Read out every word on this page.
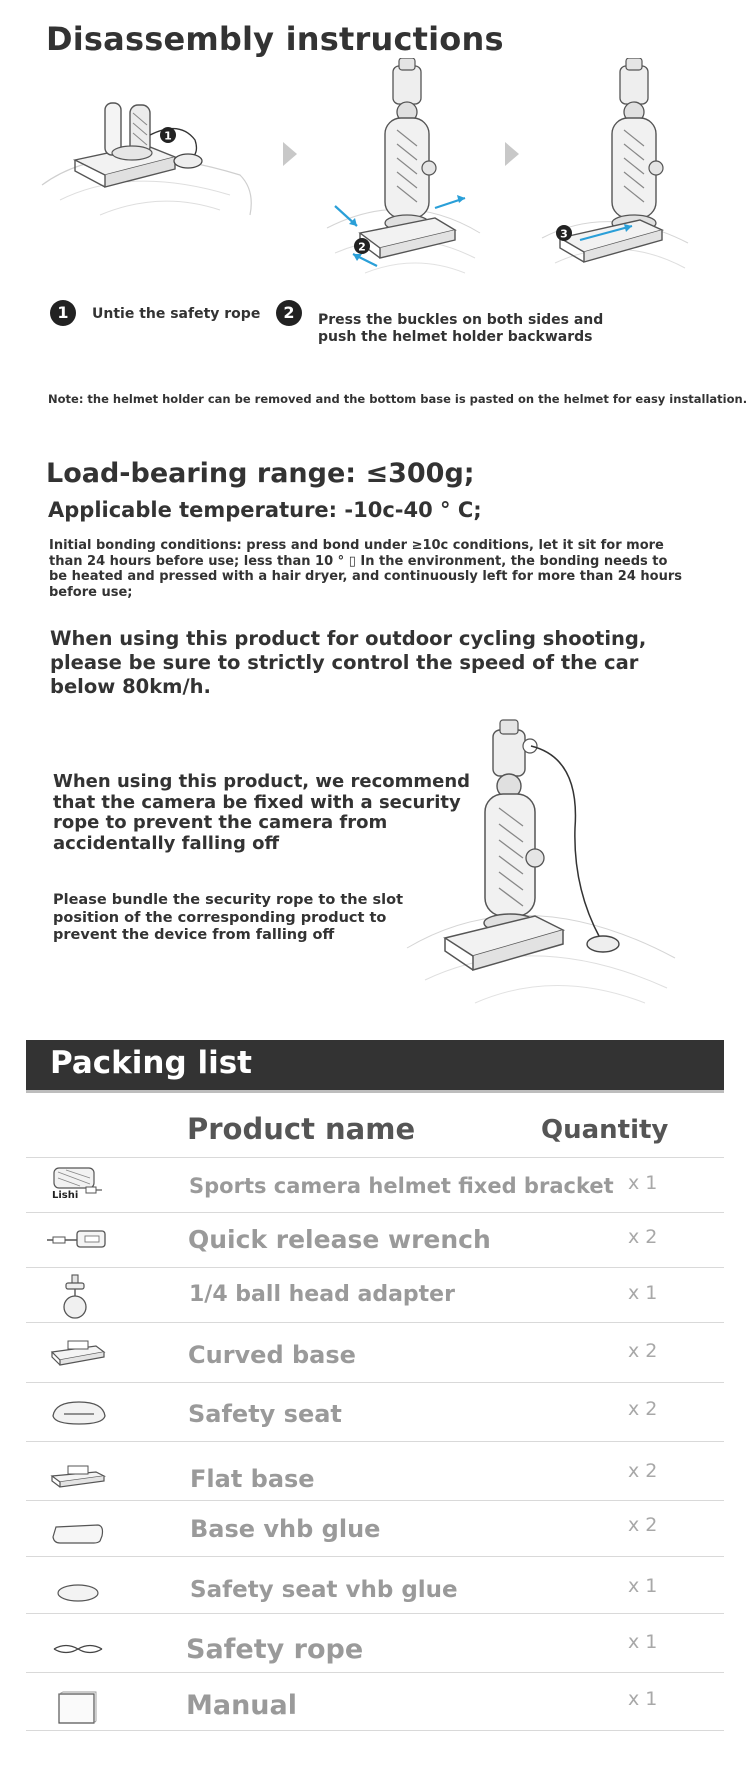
Disassembly instructions
1
2
3
1	Untie the safety rope	2	Press the buckles on both sides and
push the helmet holder backwards
Note: the helmet holder can be removed and the bottom base is pasted on the helmet for easy installation.
Load-bearing range: ≤300g;
Applicable temperature: -10c-40 ° C;
Initial bonding conditions: press and bond under ≥10c conditions, let it sit for more than 24 hours before use; less than 10 ° ▯ In the environment, the bonding needs to be heated and pressed with a hair dryer, and continuously left for more than 24 hours before use;
When using this product for outdoor cycling shooting, please be sure to strictly control the speed of the car below 80km/h.
When using this product, we recommend that the camera be fixed with a security rope to prevent the camera from accidentally falling off
Please bundle the security rope to the slot position of the corresponding product to prevent the device from falling off
Packing list
Product name	Quantity
Lishi	Sports camera helmet fixed bracket x 1
Quick release wrench	x 2
1/4 ball head adapter	x 1
Curved base	x 2
Safety seat	x 2
Flat base	x 2
Base vhb glue	x 2
Safety seat vhb glue	x 1
Safety rope	x 1
Manual	x 1
